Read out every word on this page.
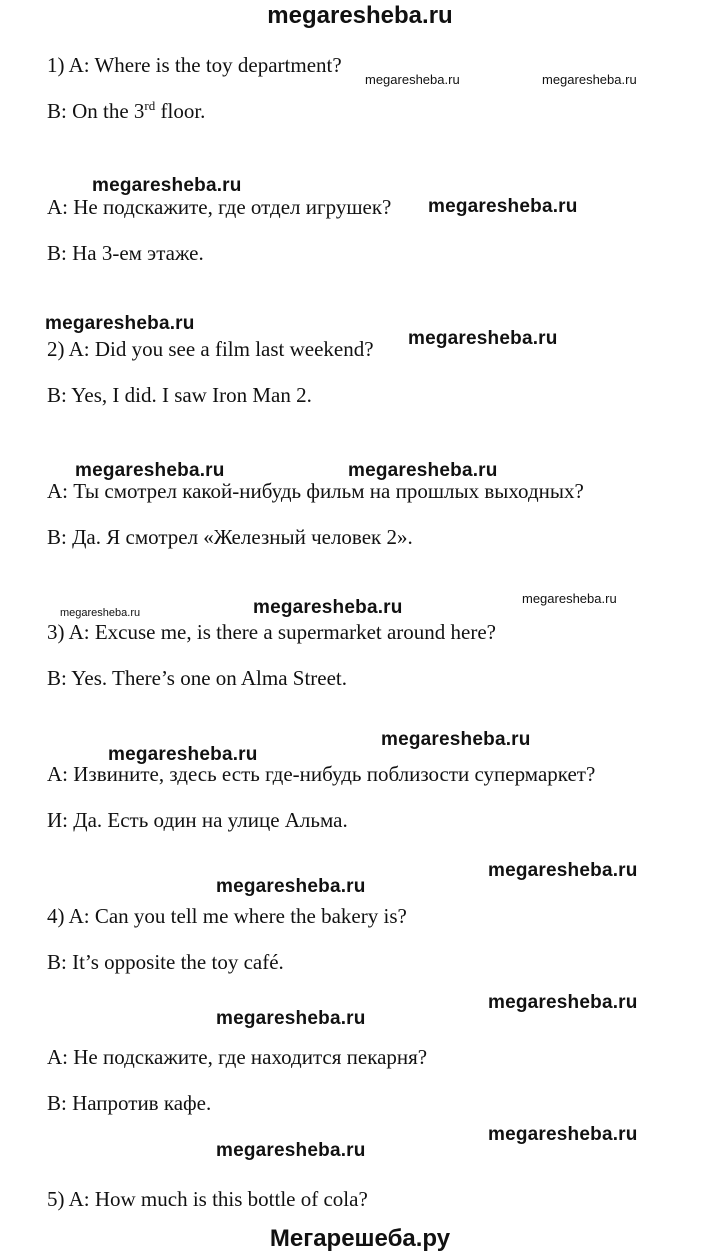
megaresheba.ru
1) A: Where is the toy department?
B: On the 3rd floor.
A: Не подскажите, где отдел игрушек?
B: На 3-ем этаже.
2) A: Did you see a film last weekend?
B: Yes, I did. I saw Iron Man 2.
A: Ты смотрел какой-нибудь фильм на прошлых выходных?
B: Да. Я смотрел «Железный человек 2».
3) A: Excuse me, is there a supermarket around here?
B: Yes. There’s one on Alma Street.
A: Извините, здесь есть где-нибудь поблизости супермаркет?
И: Да. Есть один на улице Альма.
4) A: Can you tell me where the bakery is?
B: It’s opposite the toy café.
A: Не подскажите, где находится пекарня?
B: Напротив кафе.
5) A: How much is this bottle of cola?
megaresheba.ru	megaresheba.ru
megaresheba.ru
megaresheba.ru
megaresheba.ru
megaresheba.ru
megaresheba.ru	megaresheba.ru
megaresheba.ru	megaresheba.ru	megaresheba.ru
megaresheba.ru
megaresheba.ru
megaresheba.ru
megaresheba.ru
megaresheba.ru
megaresheba.ru
megaresheba.ru
megaresheba.ru
Мегарешеба.ру
